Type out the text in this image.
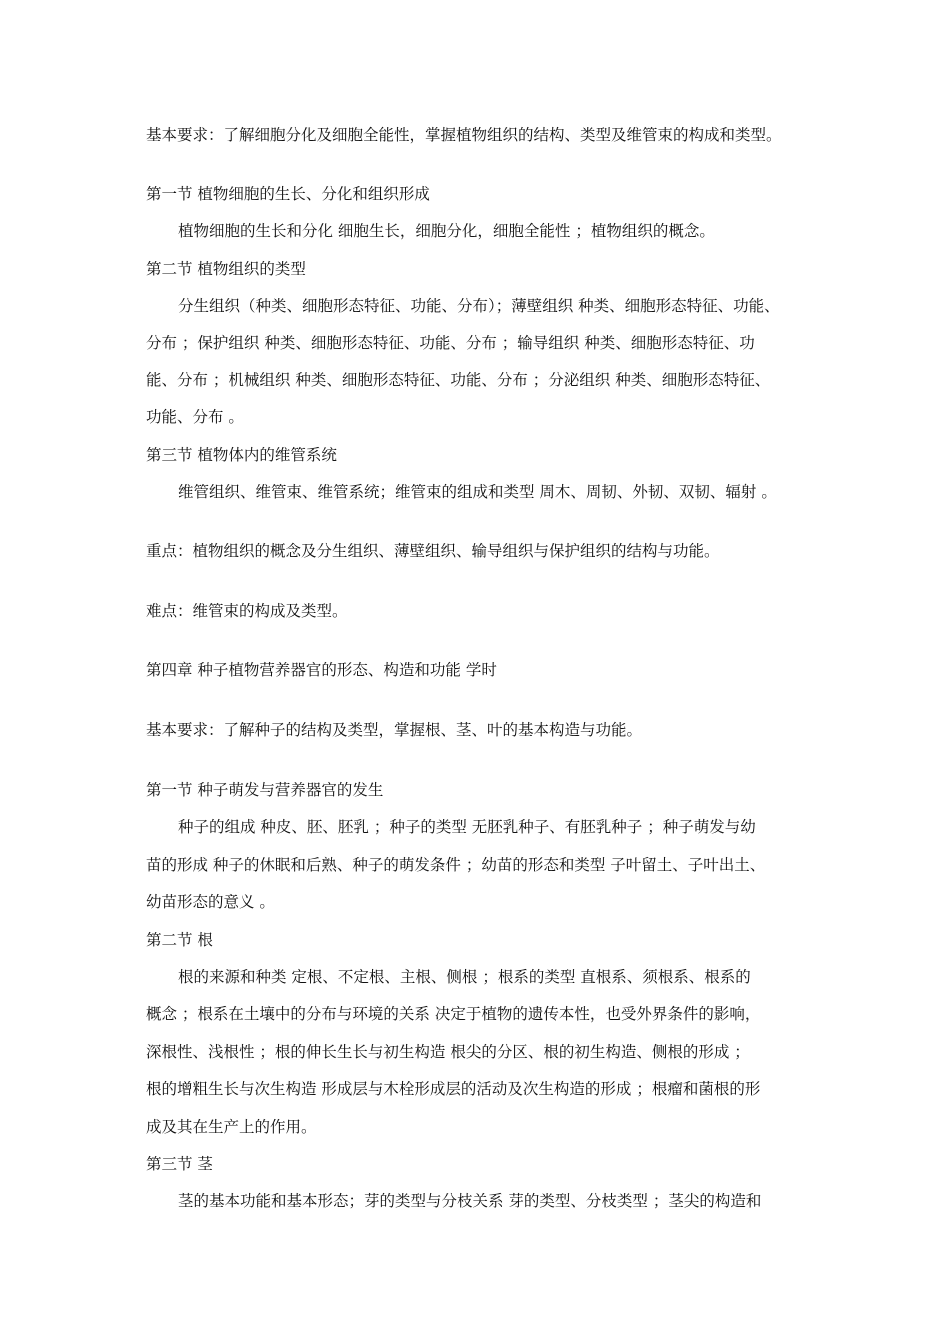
基本要求：了解细胞分化及细胞全能性，掌握植物组织的结构、类型及维管束的构成和类型。
第一节 植物细胞的生长、分化和组织形成
植物细胞的生长和分化 细胞生长，细胞分化，细胞全能性 ；植物组织的概念。
第二节 植物组织的类型
分生组织（种类、细胞形态特征、功能、分布）；薄壁组织 种类、细胞形态特征、功能、
分布 ；保护组织 种类、细胞形态特征、功能、分布 ；输导组织 种类、细胞形态特征、功
能、分布 ；机械组织 种类、细胞形态特征、功能、分布 ；分泌组织 种类、细胞形态特征、
功能、分布 。
第三节 植物体内的维管系统
维管组织、维管束、维管系统；维管束的组成和类型 周木、周韧、外韧、双韧、辐射 。
重点：植物组织的概念及分生组织、薄壁组织、输导组织与保护组织的结构与功能。
难点：维管束的构成及类型。
第四章 种子植物营养器官的形态、构造和功能 学时
基本要求：了解种子的结构及类型，掌握根、茎、叶的基本构造与功能。
第一节 种子萌发与营养器官的发生
种子的组成 种皮、胚、胚乳 ；种子的类型 无胚乳种子、有胚乳种子 ；种子萌发与幼
苗的形成 种子的休眠和后熟、种子的萌发条件 ；幼苗的形态和类型 子叶留土、子叶出土、
幼苗形态的意义 。
第二节 根
根的来源和种类 定根、不定根、主根、侧根 ；根系的类型 直根系、须根系、根系的
概念 ；根系在土壤中的分布与环境的关系 决定于植物的遗传本性，也受外界条件的影响，
深根性、浅根性 ；根的伸长生长与初生构造 根尖的分区、根的初生构造、侧根的形成 ；
根的增粗生长与次生构造 形成层与木栓形成层的活动及次生构造的形成 ；根瘤和菌根的形
成及其在生产上的作用。
第三节 茎
茎的基本功能和基本形态；芽的类型与分枝关系 芽的类型、分枝类型 ；茎尖的构造和
